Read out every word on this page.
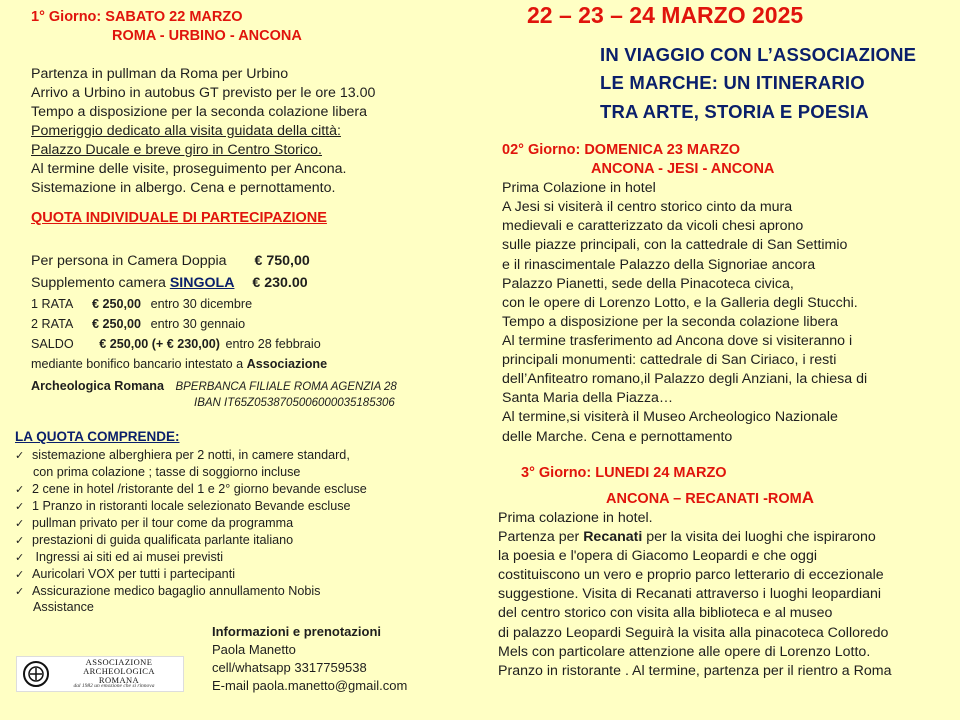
1° Giorno: SABATO 22 MARZO
ROMA - URBINO - ANCONA
Partenza in pullman da Roma per Urbino
Arrivo a Urbino in autobus GT previsto per le ore 13.00
Tempo a disposizione per la seconda colazione libera
Pomeriggio dedicato alla visita guidata della città:
Palazzo Ducale e breve giro in Centro Storico.
Al termine delle visite, proseguimento per Ancona.
Sistemazione in albergo. Cena e pernottamento.
QUOTA INDIVIDUALE DI PARTECIPAZIONE
Per persona in Camera Doppia € 750,00
Supplemento camera SINGOLA € 230.00
1 RATA € 250,00 entro 30 dicembre
2 RATA € 250,00 entro 30 gennaio
SALDO € 250,00 (+ € 230,00) entro 28 febbraio
mediante bonifico bancario intestato a Associazione
Archeologica Romana BPERBANCA FILIALE ROMA AGENZIA 28
IBAN IT65Z0538705006000035185306
LA QUOTA COMPRENDE:
✓ sistemazione alberghiera per 2 notti, in camere standard,
con prima colazione ; tasse di soggiorno incluse
✓ 2 cene in hotel /ristorante del 1 e 2° giorno bevande escluse
✓ 1 Pranzo in ristoranti locale selezionato Bevande escluse
✓ pullman privato per il tour come da programma
✓ prestazioni di guida qualificata parlante italiano
✓ Ingressi ai siti ed ai musei previsti
✓ Auricolari VOX per tutti i partecipanti
✓ Assicurazione medico bagaglio annullamento Nobis
Assistance
Informazioni e prenotazioni
Paola Manetto
cell/whatsapp 3317759538
E-mail paola.manetto@gmail.com
ASSOCIAZIONE
ARCHEOLOGICA
ROMANA
dal 1982 un emozione che si rinnova
22 – 23 – 24 MARZO 2025
IN VIAGGIO CON L’ASSOCIAZIONE
LE MARCHE: UN ITINERARIO
TRA ARTE, STORIA E POESIA
02° Giorno: DOMENICA 23 MARZO
ANCONA - JESI - ANCONA
Prima Colazione in hotel
A Jesi si visiterà il centro storico cinto da mura
medievali e caratterizzato da vicoli chesi aprono
sulle piazze principali, con la cattedrale di San Settimio
e il rinascimentale Palazzo della Signoriae ancora
Palazzo Pianetti, sede della Pinacoteca civica,
con le opere di Lorenzo Lotto, e la Galleria degli Stucchi.
Tempo a disposizione per la seconda colazione libera
Al termine trasferimento ad Ancona dove si visiteranno i
principali monumenti: cattedrale di San Ciriaco, i resti
dell’Anfiteatro romano,il Palazzo degli Anziani, la chiesa di
Santa Maria della Piazza…
Al termine,si visiterà il Museo Archeologico Nazionale
delle Marche. Cena e pernottamento
3° Giorno: LUNEDI 24 MARZO
ANCONA – RECANATI -ROMA
Prima colazione in hotel.
Partenza per Recanati per la visita dei luoghi che ispirarono
la poesia e l'opera di Giacomo Leopardi e che oggi
costituiscono un vero e proprio parco letterario di eccezionale
suggestione. Visita di Recanati attraverso i luoghi leopardiani
del centro storico con visita alla biblioteca e al museo
di palazzo Leopardi Seguirà la visita alla pinacoteca Colloredo
Mels con particolare attenzione alle opere di Lorenzo Lotto.
Pranzo in ristorante . Al termine, partenza per il rientro a Roma
